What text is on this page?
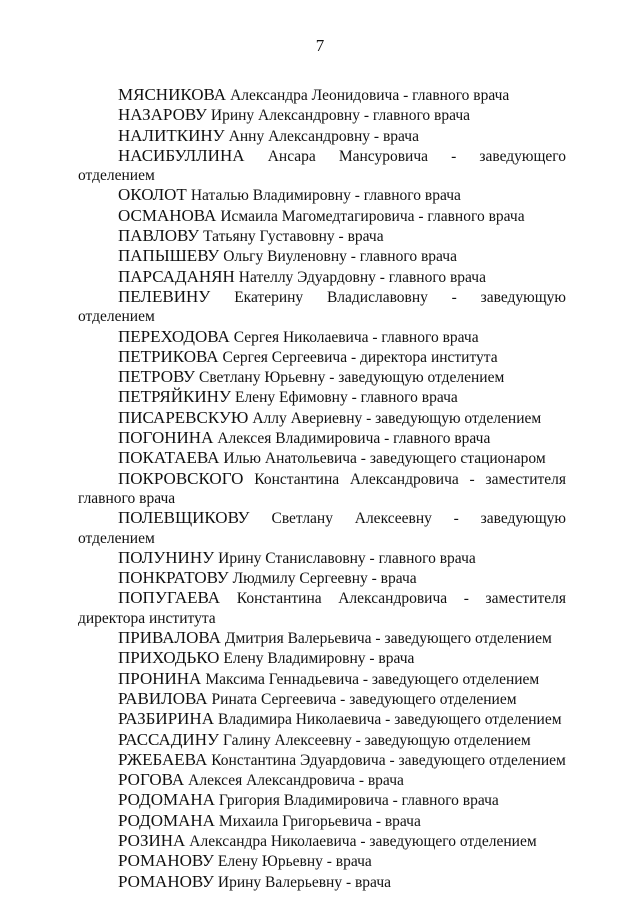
7
МЯСНИКОВА Александра Леонидовича - главного врача
НАЗАРОВУ Ирину Александровну - главного врача
НАЛИТКИНУ Анну Александровну - врача
НАСИБУЛЛИНА Ансара Мансуровича - заведующего отделением
ОКОЛОТ Наталью Владимировну - главного врача
ОСМАНОВА Исмаила Магомедтагировича - главного врача
ПАВЛОВУ Татьяну Густавовну - врача
ПАПЫШЕВУ Ольгу Виуленовну - главного врача
ПАРСАДАНЯН Нателлу Эдуардовну - главного врача
ПЕЛЕВИНУ Екатерину Владиславовну - заведующую отделением
ПЕРЕХОДОВА Сергея Николаевича - главного врача
ПЕТРИКОВА Сергея Сергеевича - директора института
ПЕТРОВУ Светлану Юрьевну - заведующую отделением
ПЕТРЯЙКИНУ Елену Ефимовну - главного врача
ПИСАРЕВСКУЮ Аллу Авериевну - заведующую отделением
ПОГОНИНА Алексея Владимировича - главного врача
ПОКАТАЕВА Илью Анатольевича - заведующего стационаром
ПОКРОВСКОГО Константина Александровича - заместителя главного врача
ПОЛЕВЩИКОВУ Светлану Алексеевну - заведующую отделением
ПОЛУНИНУ Ирину Станиславовну - главного врача
ПОНКРАТОВУ Людмилу Сергеевну - врача
ПОПУГАЕВА Константина Александровича - заместителя директора института
ПРИВАЛОВА Дмитрия Валерьевича - заведующего отделением
ПРИХОДЬКО Елену Владимировну - врача
ПРОНИНА Максима Геннадьевича - заведующего отделением
РАВИЛОВА Рината Сергеевича - заведующего отделением
РАЗБИРИНА Владимира Николаевича - заведующего отделением
РАССАДИНУ Галину Алексеевну - заведующую отделением
РЖЕБАЕВА Константина Эдуардовича - заведующего отделением
РОГОВА Алексея Александровича - врача
РОДОМАНА Григория Владимировича - главного врача
РОДОМАНА Михаила Григорьевича - врача
РОЗИНА Александра Николаевича - заведующего отделением
РОМАНОВУ Елену Юрьевну - врача
РОМАНОВУ Ирину Валерьевну - врача
